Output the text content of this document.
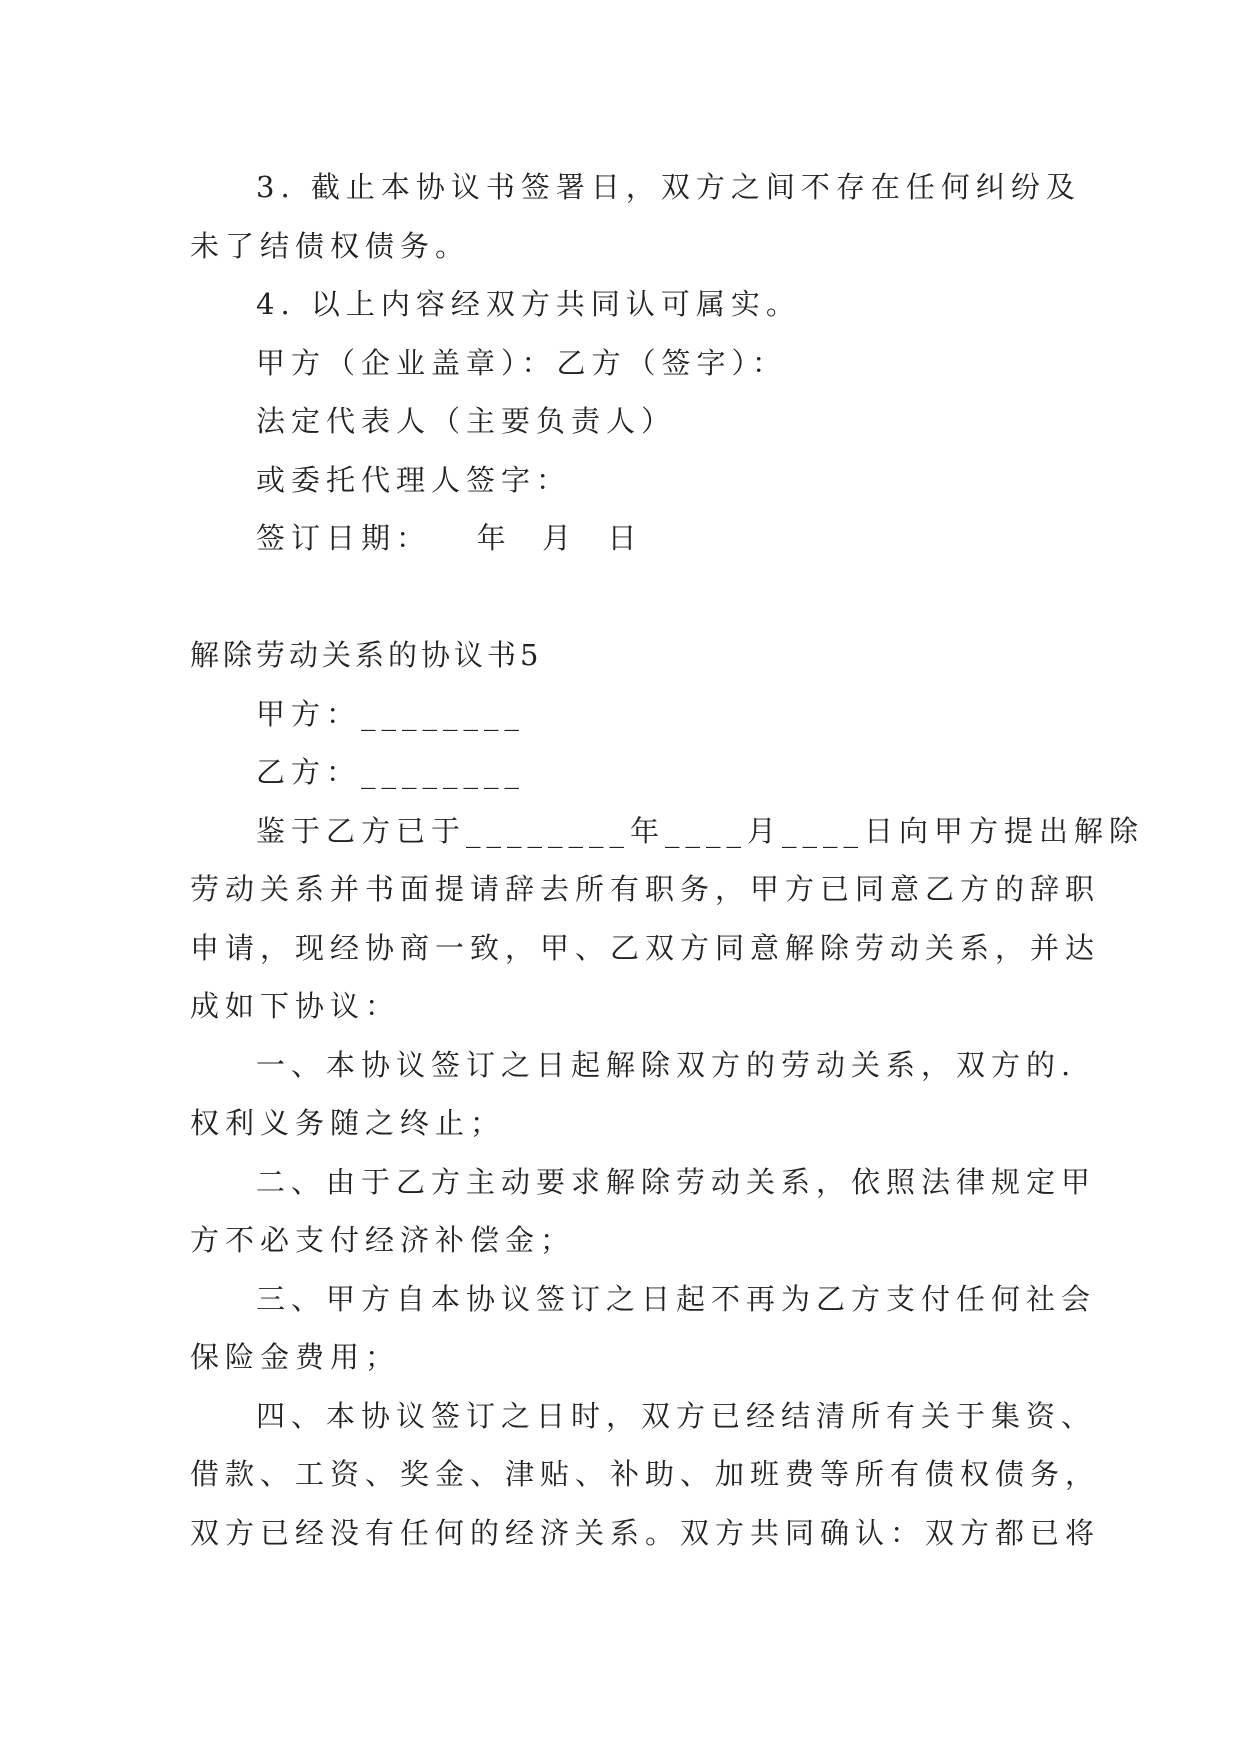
3. 截止本协议书签署日，双方之间不存在任何纠纷及

未了结债权债务。

4. 以上内容经双方共同认可属实。

甲方（企业盖章）：乙方（签字）：

法定代表人（主要负责人）

或委托代理人签字：

签订日期：   年  月  日

解除劳动关系的协议书5

甲方：________

乙方：________

鉴于乙方已于________年____月____日向甲方提出解除

劳动关系并书面提请辞去所有职务，甲方已同意乙方的辞职

申请，现经协商一致，甲、乙双方同意解除劳动关系，并达

成如下协议：

一、本协议签订之日起解除双方的劳动关系，双方的.

权利义务随之终止；

二、由于乙方主动要求解除劳动关系，依照法律规定甲

方不必支付经济补偿金；

三、甲方自本协议签订之日起不再为乙方支付任何社会

保险金费用；

四、本协议签订之日时，双方已经结清所有关于集资、

借款、工资、奖金、津贴、补助、加班费等所有债权债务，

双方已经没有任何的经济关系。双方共同确认：双方都已将
